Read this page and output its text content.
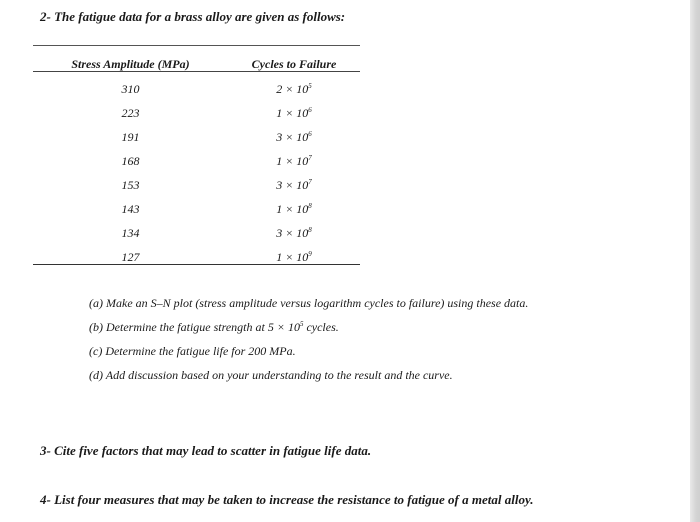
2- The fatigue data for a brass alloy are given as follows:
Stress Amplitude (MPa)	Cycles to Failure
310	$2 \times 10^5$
223	$1 \times 10^6$
191	$3 \times 10^6$
168	$1 \times 10^7$
153	$3 \times 10^7$
143	$1 \times 10^8$
134	$3 \times 10^8$
127	$1 \times 10^9$
(a) Make an S–N plot (stress amplitude versus logarithm cycles to failure) using these data.
(b) Determine the fatigue strength at $5 \times 10^5$ cycles.
(c) Determine the fatigue life for 200 MPa.
(d) Add discussion based on your understanding to the result and the curve.
3- Cite five factors that may lead to scatter in fatigue life data.
4- List four measures that may be taken to increase the resistance to fatigue of a metal alloy.
